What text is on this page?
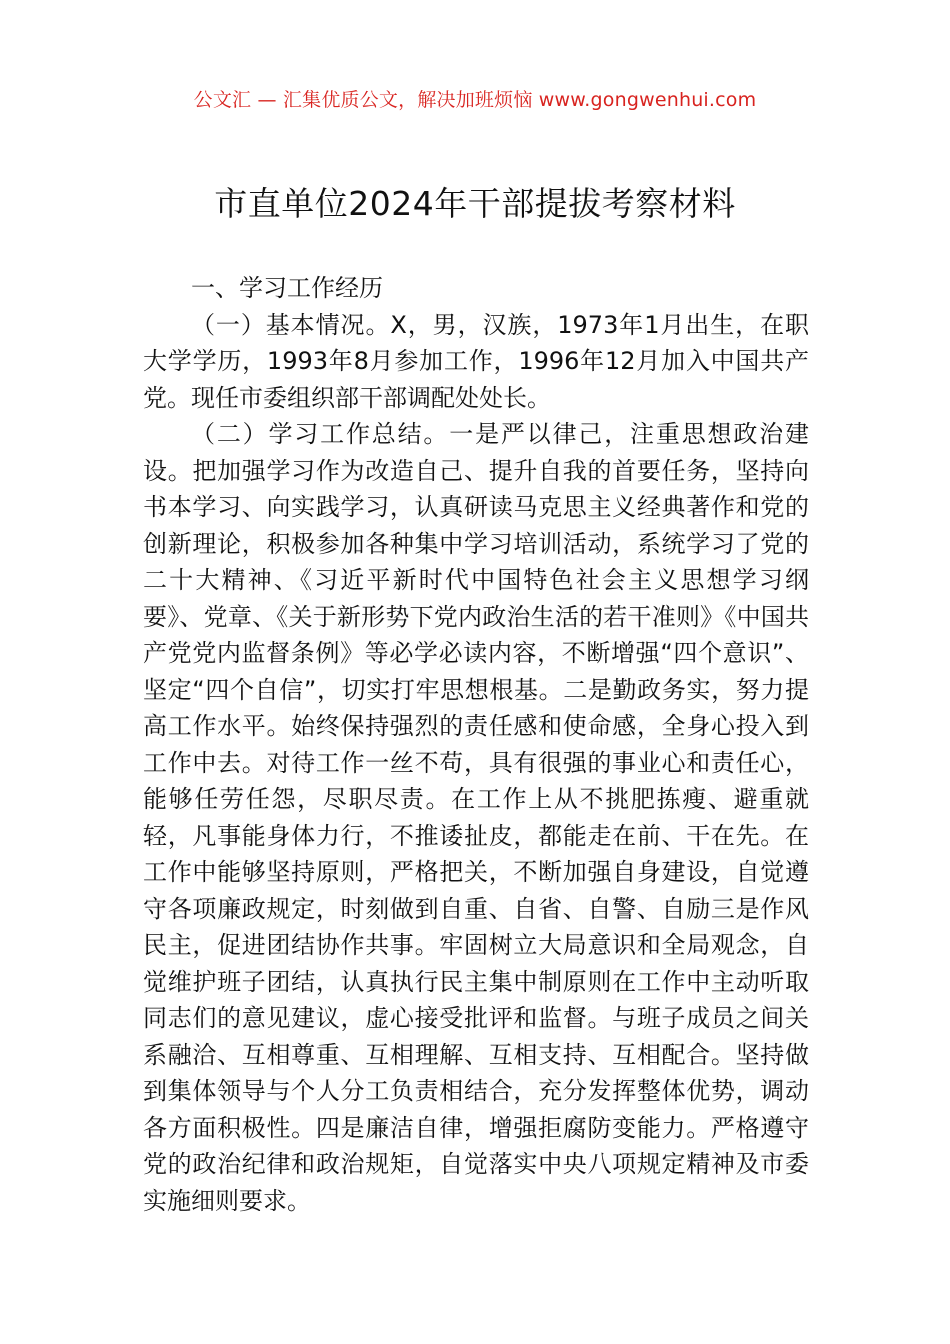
公文汇 — 汇集优质公文，解决加班烦恼 www.gongwenhui.com
市直单位2024年干部提拔考察材料

一、学习工作经历

（一）基本情况。X，男，汉族，1973年1月出生，在职大学学历，1993年8月参加工作，1996年12月加入中国共产党。现任市委组织部干部调配处处长。

（二）学习工作总结。一是严以律己，注重思想政治建设。把加强学习作为改造自己、提升自我的首要任务，坚持向书本学习、向实践学习，认真研读马克思主义经典著作和党的创新理论，积极参加各种集中学习培训活动，系统学习了党的二十大精神、《习近平新时代中国特色社会主义思想学习纲要》、党章、《关于新形势下党内政治生活的若干准则》《中国共产党党内监督条例》等必学必读内容，不断增强“四个意识”、坚定“四个自信”，切实打牢思想根基。二是勤政务实，努力提高工作水平。始终保持强烈的责任感和使命感，全身心投入到工作中去。对待工作一丝不苟，具有很强的事业心和责任心，能够任劳任怨，尽职尽责。在工作上从不挑肥拣瘦、避重就轻，凡事能身体力行，不推诿扯皮，都能走在前、干在先。在工作中能够坚持原则，严格把关，不断加强自身建设，自觉遵守各项廉政规定，时刻做到自重、自省、自警、自励三是作风民主，促进团结协作共事。牢固树立大局意识和全局观念，自觉维护班子团结，认真执行民主集中制原则在工作中主动听取同志们的意见建议，虚心接受批评和监督。与班子成员之间关系融洽、互相尊重、互相理解、互相支持、互相配合。坚持做到集体领导与个人分工负责相结合，充分发挥整体优势，调动各方面积极性。四是廉洁自律，增强拒腐防变能力。严格遵守党的政治纪律和政治规矩，自觉落实中央八项规定精神及市委实施细则要求。
